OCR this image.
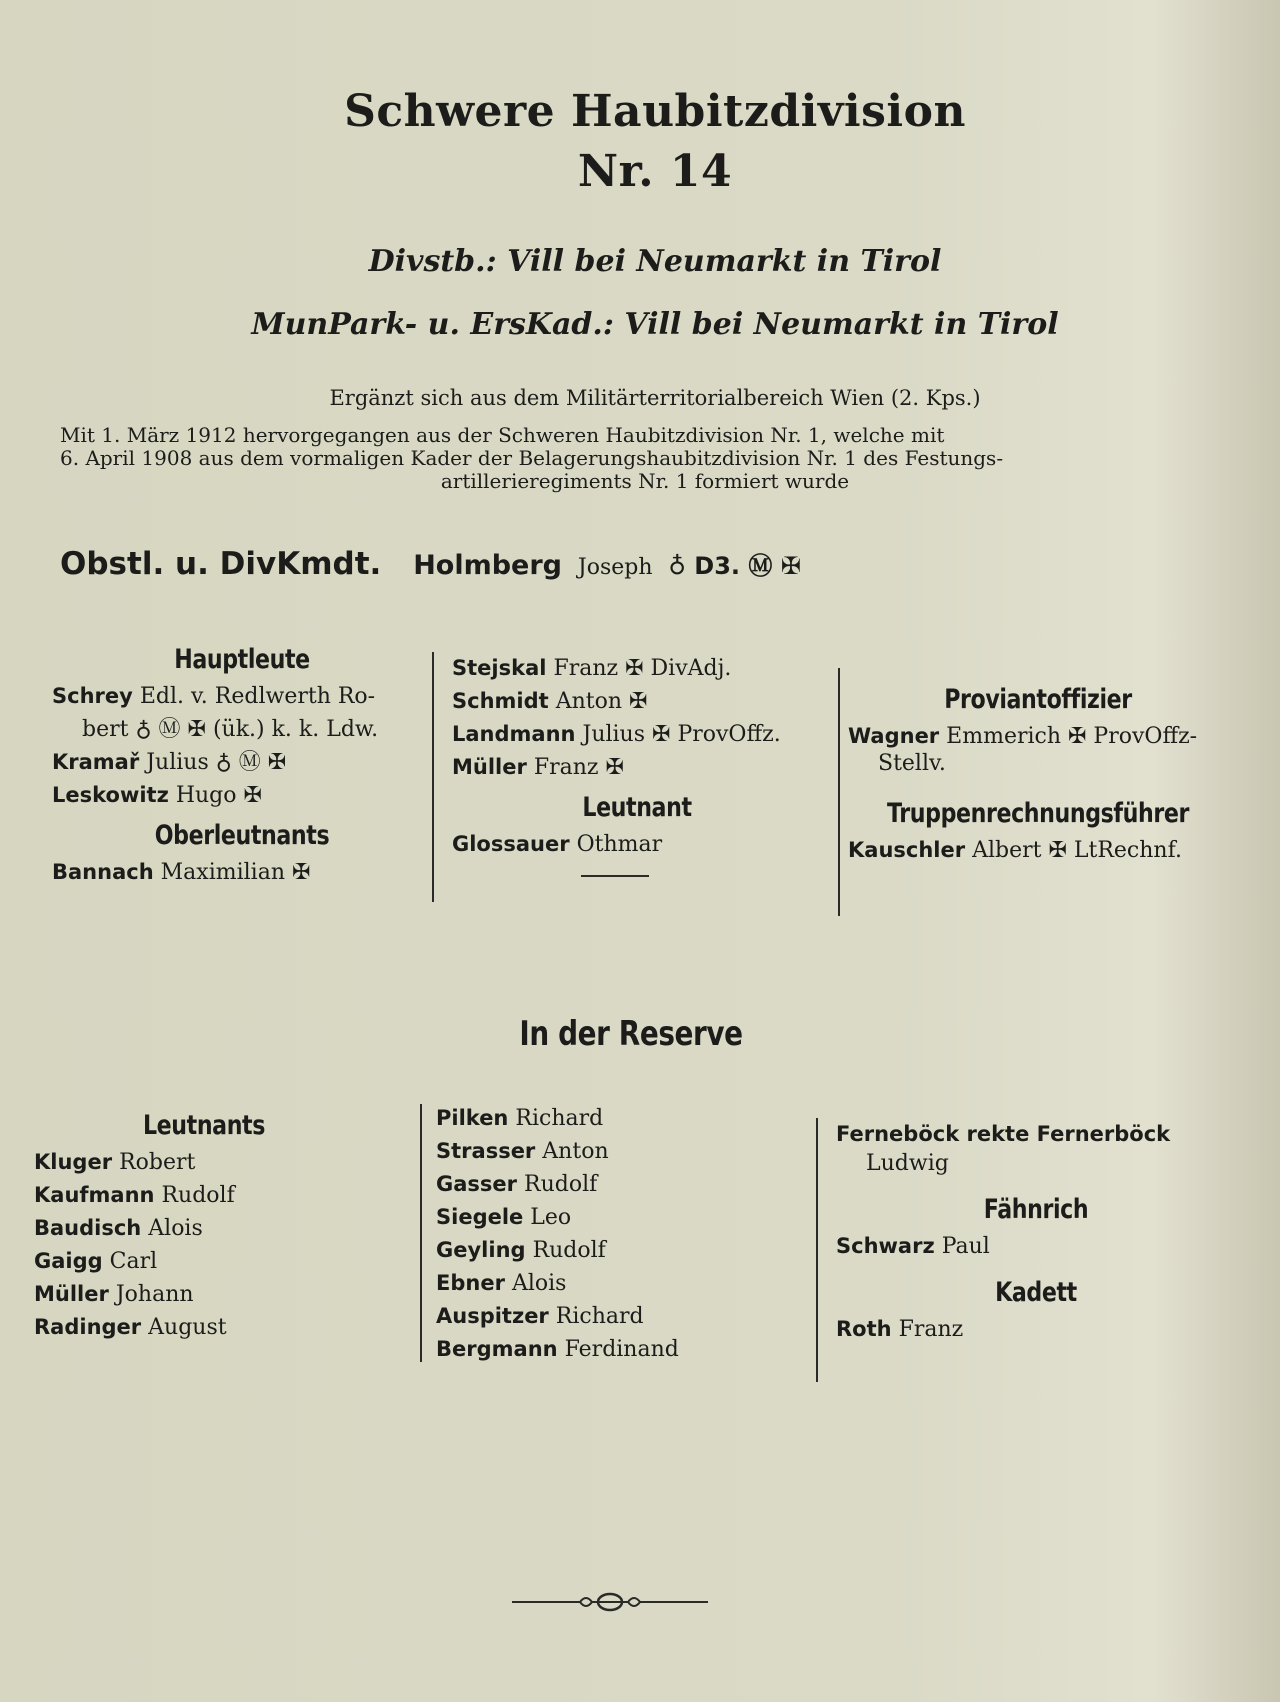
Schwere Haubitzdivision
Nr. 14
Divstb.: Vill bei Neumarkt in Tirol
MunPark- u. ErsKad.: Vill bei Neumarkt in Tirol
Ergänzt sich aus dem Militärterritorialbereich Wien (2. Kps.)
Mit 1. März 1912 hervorgegangen aus der Schweren Haubitzdivision Nr. 1, welche mit
6. April 1908 aus dem vormaligen Kader der Belagerungshaubitzdivision Nr. 1 des Festungs-
artillerieregiments Nr. 1 formiert wurde
Obstl. u. DivKmdt. Holmberg Joseph ♁ D3. Ⓜ ✠
Hauptleute
Schrey Edl. v. Redlwerth Ro-
bert ♁ Ⓜ ✠ (ük.) k. k. Ldw.
Kramař Julius ♁ Ⓜ ✠
Leskowitz Hugo ✠
Oberleutnants
Bannach Maximilian ✠
Stejskal Franz ✠ DivAdj.
Schmidt Anton ✠
Landmann Julius ✠ ProvOffz.
Müller Franz ✠
Leutnant
Glossauer Othmar
Proviantoffizier
Wagner Emmerich ✠ ProvOffz-
Stellv.
Truppenrechnungsführer
Kauschler Albert ✠ LtRechnf.
In der Reserve
Leutnants
Kluger Robert
Kaufmann Rudolf
Baudisch Alois
Gaigg Carl
Müller Johann
Radinger August
Pilken Richard
Strasser Anton
Gasser Rudolf
Siegele Leo
Geyling Rudolf
Ebner Alois
Auspitzer Richard
Bergmann Ferdinand
Ferneböck rekte Fernerböck
Ludwig
Fähnrich
Schwarz Paul
Kadett
Roth Franz
